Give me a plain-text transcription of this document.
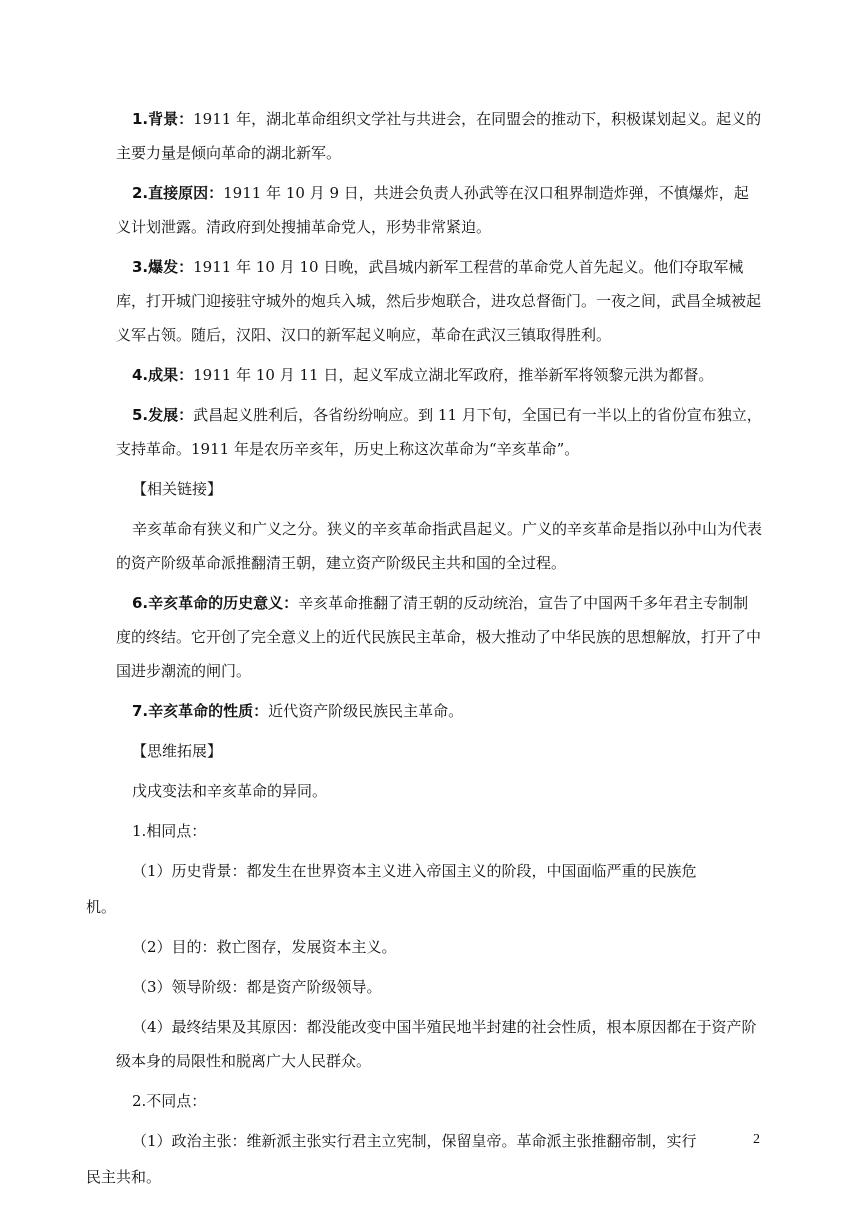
1.背景：1911 年，湖北革命组织文学社与共进会，在同盟会的推动下，积极谋划起义。起义的主要力量是倾向革命的湖北新军。

2.直接原因：1911 年 10 月 9 日，共进会负责人孙武等在汉口租界制造炸弹，不慎爆炸，起义计划泄露。清政府到处搜捕革命党人，形势非常紧迫。

3.爆发：1911 年 10 月 10 日晚，武昌城内新军工程营的革命党人首先起义。他们夺取军械库，打开城门迎接驻守城外的炮兵入城，然后步炮联合，进攻总督衙门。一夜之间，武昌全城被起义军占领。随后，汉阳、汉口的新军起义响应，革命在武汉三镇取得胜利。

4.成果：1911 年 10 月 11 日，起义军成立湖北军政府，推举新军将领黎元洪为都督。

5.发展：武昌起义胜利后，各省纷纷响应。到 11 月下旬，全国已有一半以上的省份宣布独立，支持革命。1911 年是农历辛亥年，历史上称这次革命为“辛亥革命”。

【相关链接】

辛亥革命有狭义和广义之分。狭义的辛亥革命指武昌起义。广义的辛亥革命是指以孙中山为代表的资产阶级革命派推翻清王朝，建立资产阶级民主共和国的全过程。

6.辛亥革命的历史意义：辛亥革命推翻了清王朝的反动统治，宣告了中国两千多年君主专制制度的终结。它开创了完全意义上的近代民族民主革命，极大推动了中华民族的思想解放，打开了中国进步潮流的闸门。

7.辛亥革命的性质：近代资产阶级民族民主革命。

【思维拓展】

戊戌变法和辛亥革命的异同。

1.相同点：

（1）历史背景：都发生在世界资本主义进入帝国主义的阶段，中国面临严重的民族危

机。

（2）目的：救亡图存，发展资本主义。

（3）领导阶级：都是资产阶级领导。

（4）最终结果及其原因：都没能改变中国半殖民地半封建的社会性质，根本原因都在于资产阶级本身的局限性和脱离广大人民群众。

2.不同点：

（1）政治主张：维新派主张实行君主立宪制，保留皇帝。革命派主张推翻帝制，实行

民主共和。

2
